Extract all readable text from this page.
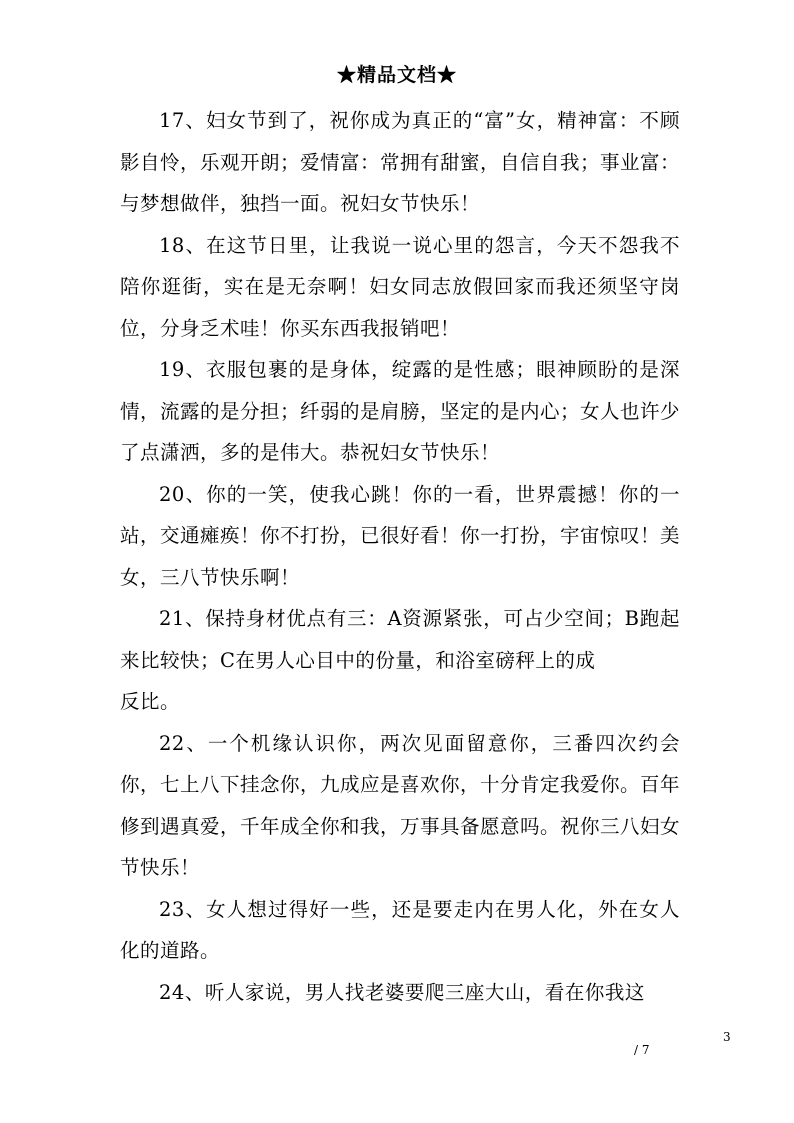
★精品文档★

17、妇女节到了，祝你成为真正的“富”女，精神富：不顾影自怜，乐观开朗；爱情富：常拥有甜蜜，自信自我；事业富：与梦想做伴，独挡一面。祝妇女节快乐！

18、在这节日里，让我说一说心里的怨言，今天不怨我不陪你逛街，实在是无奈啊！妇女同志放假回家而我还须坚守岗位，分身乏术哇！你买东西我报销吧！

19、衣服包裹的是身体，绽露的是性感；眼神顾盼的是深情，流露的是分担；纤弱的是肩膀，坚定的是内心；女人也许少了点潇洒，多的是伟大。恭祝妇女节快乐！

20、你的一笑，使我心跳！你的一看，世界震撼！你的一站，交通瘫痪！你不打扮，已很好看！你一打扮，宇宙惊叹！美女，三八节快乐啊！

21、保持身材优点有三：A资源紧张，可占少空间；B跑起来比较快；C在男人心目中的份量，和浴室磅秤上的成
反比。

22、一个机缘认识你，两次见面留意你，三番四次约会你，七上八下挂念你，九成应是喜欢你，十分肯定我爱你。百年修到遇真爱，千年成全你和我，万事具备愿意吗。祝你三八妇女节快乐！

23、女人想过得好一些，还是要走内在男人化，外在女人化的道路。

24、听人家说，男人找老婆要爬三座大山，看在你我这

3
/ 7
